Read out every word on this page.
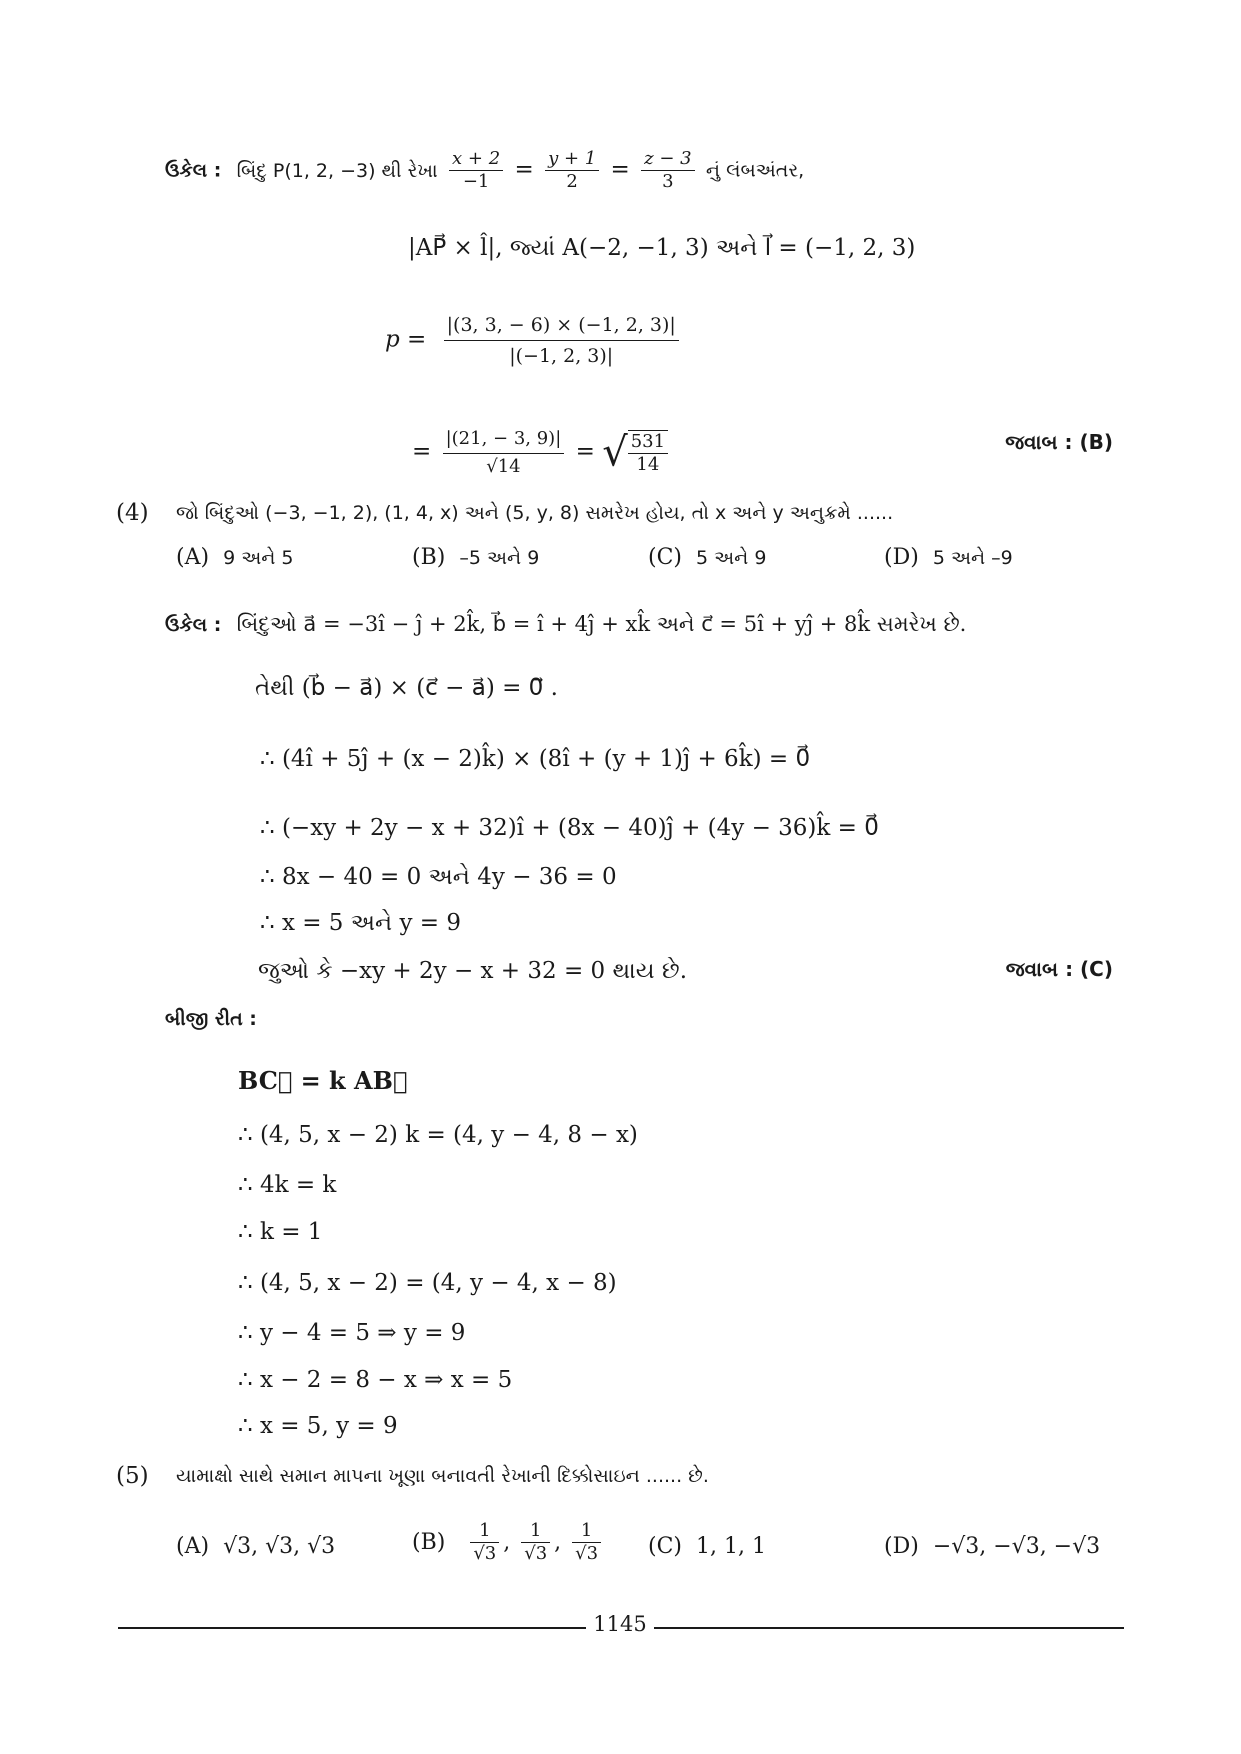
ઉકેલ : બિંદુ P(1, 2, −3) થી રેખા $\frac{x + 2}{-1} = \frac{y + 1}{2} = \frac{z - 3}{3}$ નું લંબઅંતર,
|AP⃗ × l̂|, જ્યાં A(−2, −1, 3) અને l⃗ = (−1, 2, 3)
$p = \frac{|(3, 3, - 6) \times (-1, 2, 3)|}{|(-1, 2, 3)|}$
= $\frac{|(21, - 3, 9)|}{√14}$ = √ $\frac{531}{14}$	જવાબ : (B)
(4) જો બિંદુઓ (−3, −1, 2), (1, 4, x) અને (5, y, 8) સમરેખ હોય, તો x અને y અનુક્રમે ......
(A) 9 અને 5	(B) –5 અને 9	(C) 5 અને 9	(D) 5 અને –9
ઉકેલ : બિંદુઓ a⃗ = −3î − ĵ + 2k̂, b⃗ = î + 4ĵ + xk̂ અને c⃗ = 5î + yĵ + 8k̂ સમરેખ છે.
તેથી (b⃗ − a⃗) × (c⃗ − a⃗) = 0⃗ .
∴ (4î + 5ĵ + (x − 2)k̂) × (8î + (y + 1)ĵ + 6k̂) = 0⃗
∴ (−xy + 2y − x + 32)î + (8x − 40)ĵ + (4y − 36)k̂ = 0⃗
∴ 8x − 40 = 0 અને 4y − 36 = 0
∴ x = 5 અને y = 9
જુઓ કે −xy + 2y − x + 32 = 0 થાય છે.	જવાબ : (C)
બીજી રીત :
BC⃗ = k AB⃗
∴ (4, 5, x − 2) k = (4, y − 4, 8 − x)
∴ 4k = k
∴ k = 1
∴ (4, 5, x − 2) = (4, y − 4, x − 8)
∴ y − 4 = 5 ⇒ y = 9
∴ x − 2 = 8 − x ⇒ x = 5
∴ x = 5, y = 9
(5) યામાક્ષો સાથે સમાન માપના ખૂણા બનાવતી રેખાની દિક્કોસાઇન ...... છે.
(A) √3, √3, √3	$(B) \frac{1}{√3}$ , $\frac{1}{√3}$ , $\frac{1}{√3} (C)$ 1, 1, 1	(D) −√3, −√3, −√3
1145
